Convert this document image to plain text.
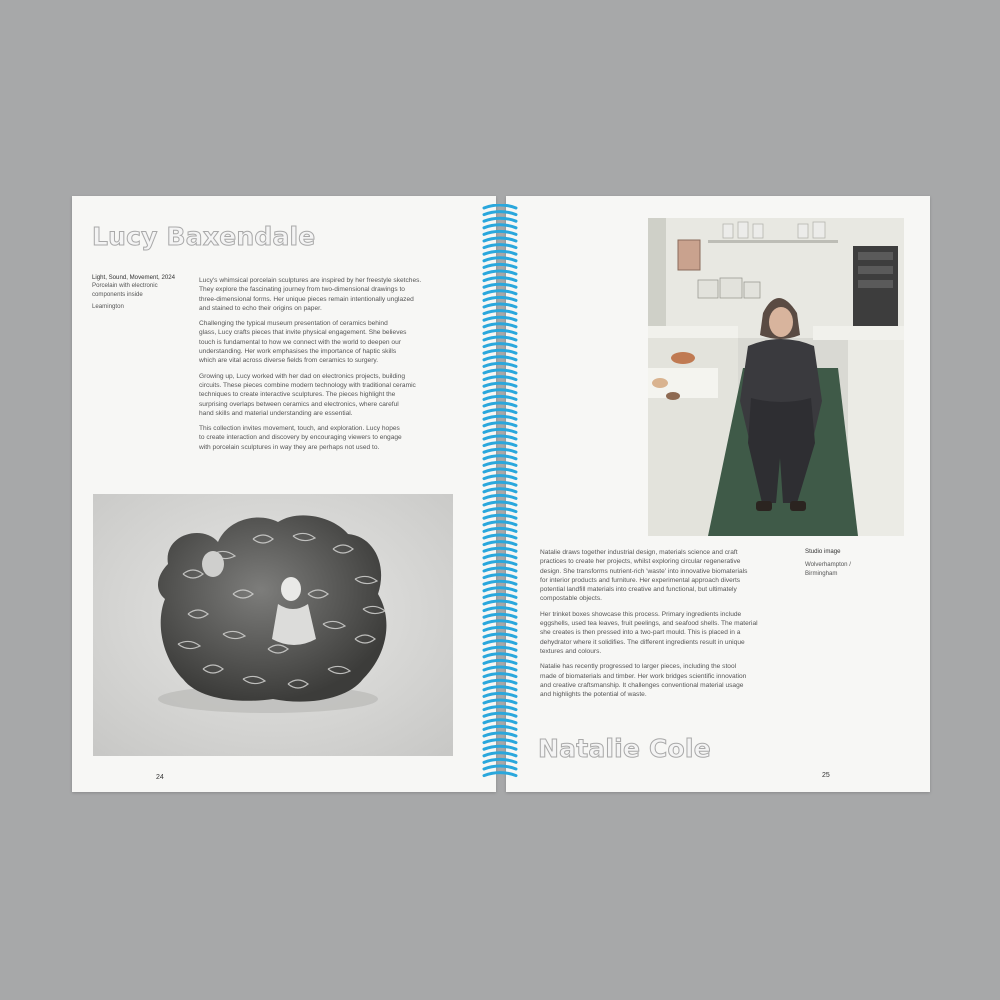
Lucy Baxendale
Light, Sound, Movement, 2024
Porcelain with electronic
components inside
Leamington

Lucy's whimsical porcelain sculptures are inspired by her freestyle sketches.
They explore the fascinating journey from two-dimensional drawings to
three-dimensional forms. Her unique pieces remain intentionally unglazed
and stained to echo their origins on paper.

Challenging the typical museum presentation of ceramics behind
glass, Lucy crafts pieces that invite physical engagement. She believes
touch is fundamental to how we connect with the world to deepen our
understanding. Her work emphasises the importance of haptic skills
which are vital across diverse fields from ceramics to surgery.

Growing up, Lucy worked with her dad on electronics projects, building
circuits. These pieces combine modern technology with traditional ceramic
techniques to create interactive sculptures. The pieces highlight the
surprising overlaps between ceramics and electronics, where careful
hand skills and material understanding are essential.

This collection invites movement, touch, and exploration. Lucy hopes
to create interaction and discovery by encouraging viewers to engage
with porcelain sculptures in way they are perhaps not used to.

24
Studio image
Wolverhampton /
Birmingham

Natalie draws together industrial design, materials science and craft
practices to create her projects, whilst exploring circular regenerative
design. She transforms nutrient-rich 'waste' into innovative biomaterials
for interior products and furniture. Her experimental approach diverts
potential landfill materials into creative and functional, but ultimately
compostable objects.

Her trinket boxes showcase this process. Primary ingredients include
eggshells, used tea leaves, fruit peelings, and seafood shells. The material
she creates is then pressed into a two-part mould. This is placed in a
dehydrator where it solidifies. The different ingredients result in unique
textures and colours.

Natalie has recently progressed to larger pieces, including the stool
made of biomaterials and timber. Her work bridges scientific innovation
and creative craftsmanship. It challenges conventional material usage
and highlights the potential of waste.

Natalie Cole
25
